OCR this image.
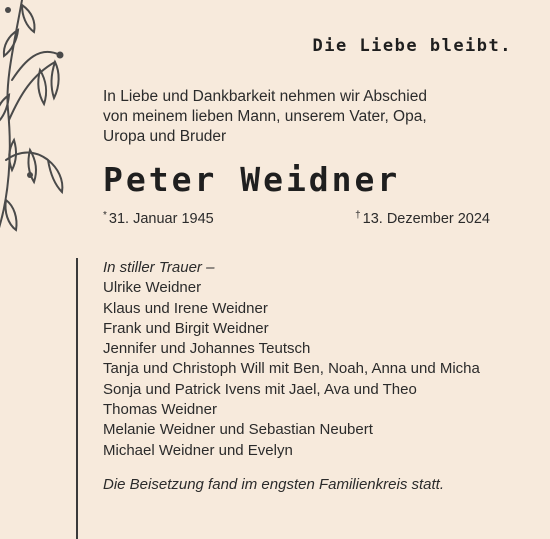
Die Liebe bleibt.
In Liebe und Dankbarkeit nehmen wir Abschied
von meinem lieben Mann, unserem Vater, Opa,
Uropa und Bruder
Peter Weidner
* 31. Januar 1945	† 13. Dezember 2024
In stiller Trauer –
Ulrike Weidner
Klaus und Irene Weidner
Frank und Birgit Weidner
Jennifer und Johannes Teutsch
Tanja und Christoph Will mit Ben, Noah, Anna und Micha
Sonja und Patrick Ivens mit Jael, Ava und Theo
Thomas Weidner
Melanie Weidner und Sebastian Neubert
Michael Weidner und Evelyn
Die Beisetzung fand im engsten Familienkreis statt.
